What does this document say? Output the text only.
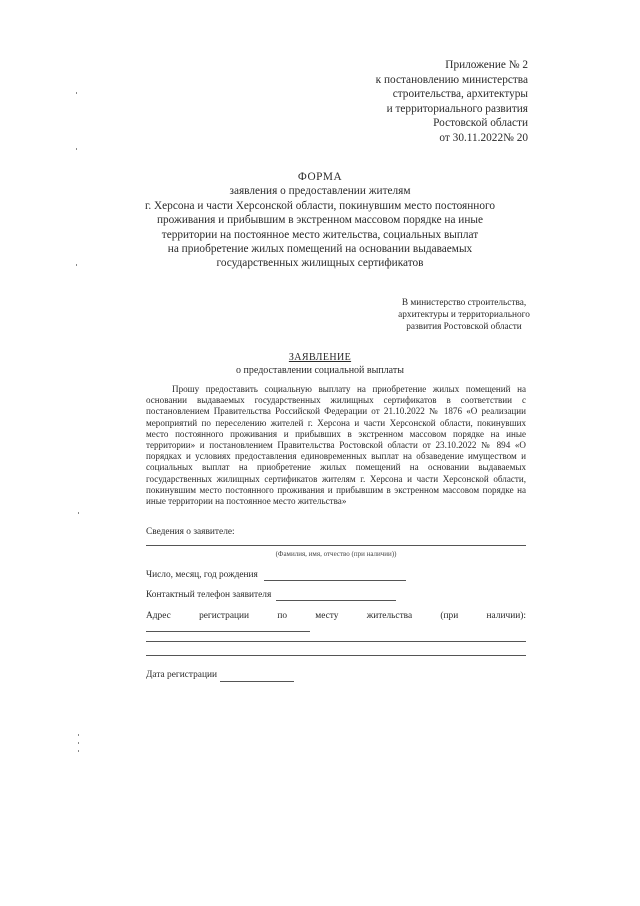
Приложение № 2
к постановлению министерства
строительства, архитектуры
и территориального развития
Ростовской области
от 30.11.2022№ 20
ФОРМА
заявления о предоставлении жителям
г. Херсона и части Херсонской области, покинувшим место постоянного
проживания и прибывшим в экстренном массовом порядке на иные
территории на постоянное место жительства, социальных выплат
на приобретение жилых помещений на основании выдаваемых
государственных жилищных сертификатов
В министерство строительства,
архитектуры и территориального
развития Ростовской области
ЗАЯВЛЕНИЕ
о предоставлении социальной выплаты
Прошу предоставить социальную выплату на приобретение жилых помещений на основании выдаваемых государственных жилищных сертификатов в соответствии с постановлением Правительства Российской Федерации от 21.10.2022 № 1876 «О реализации мероприятий по переселению жителей г. Херсона и части Херсонской области, покинувших место постоянного проживания и прибывших в экстренном массовом порядке на иные территории» и постановлением Правительства Ростовской области от 23.10.2022 № 894 «О порядках и условиях предоставления единовременных выплат на обзаведение имуществом и социальных выплат на приобретение жилых помещений на основании выдаваемых государственных жилищных сертификатов жителям г. Херсона и части Херсонской области, покинувшим место постоянного проживания и прибывшим в экстренном массовом порядке на иные территории на постоянное место жительства»
Сведения о заявителе:
(Фамилия, имя, отчество (при наличии))
Число, месяц, год рождения
Контактный телефон заявителя
Адрес	регистрации	по	месту	жительства	(при	наличии):
Дата регистрации
